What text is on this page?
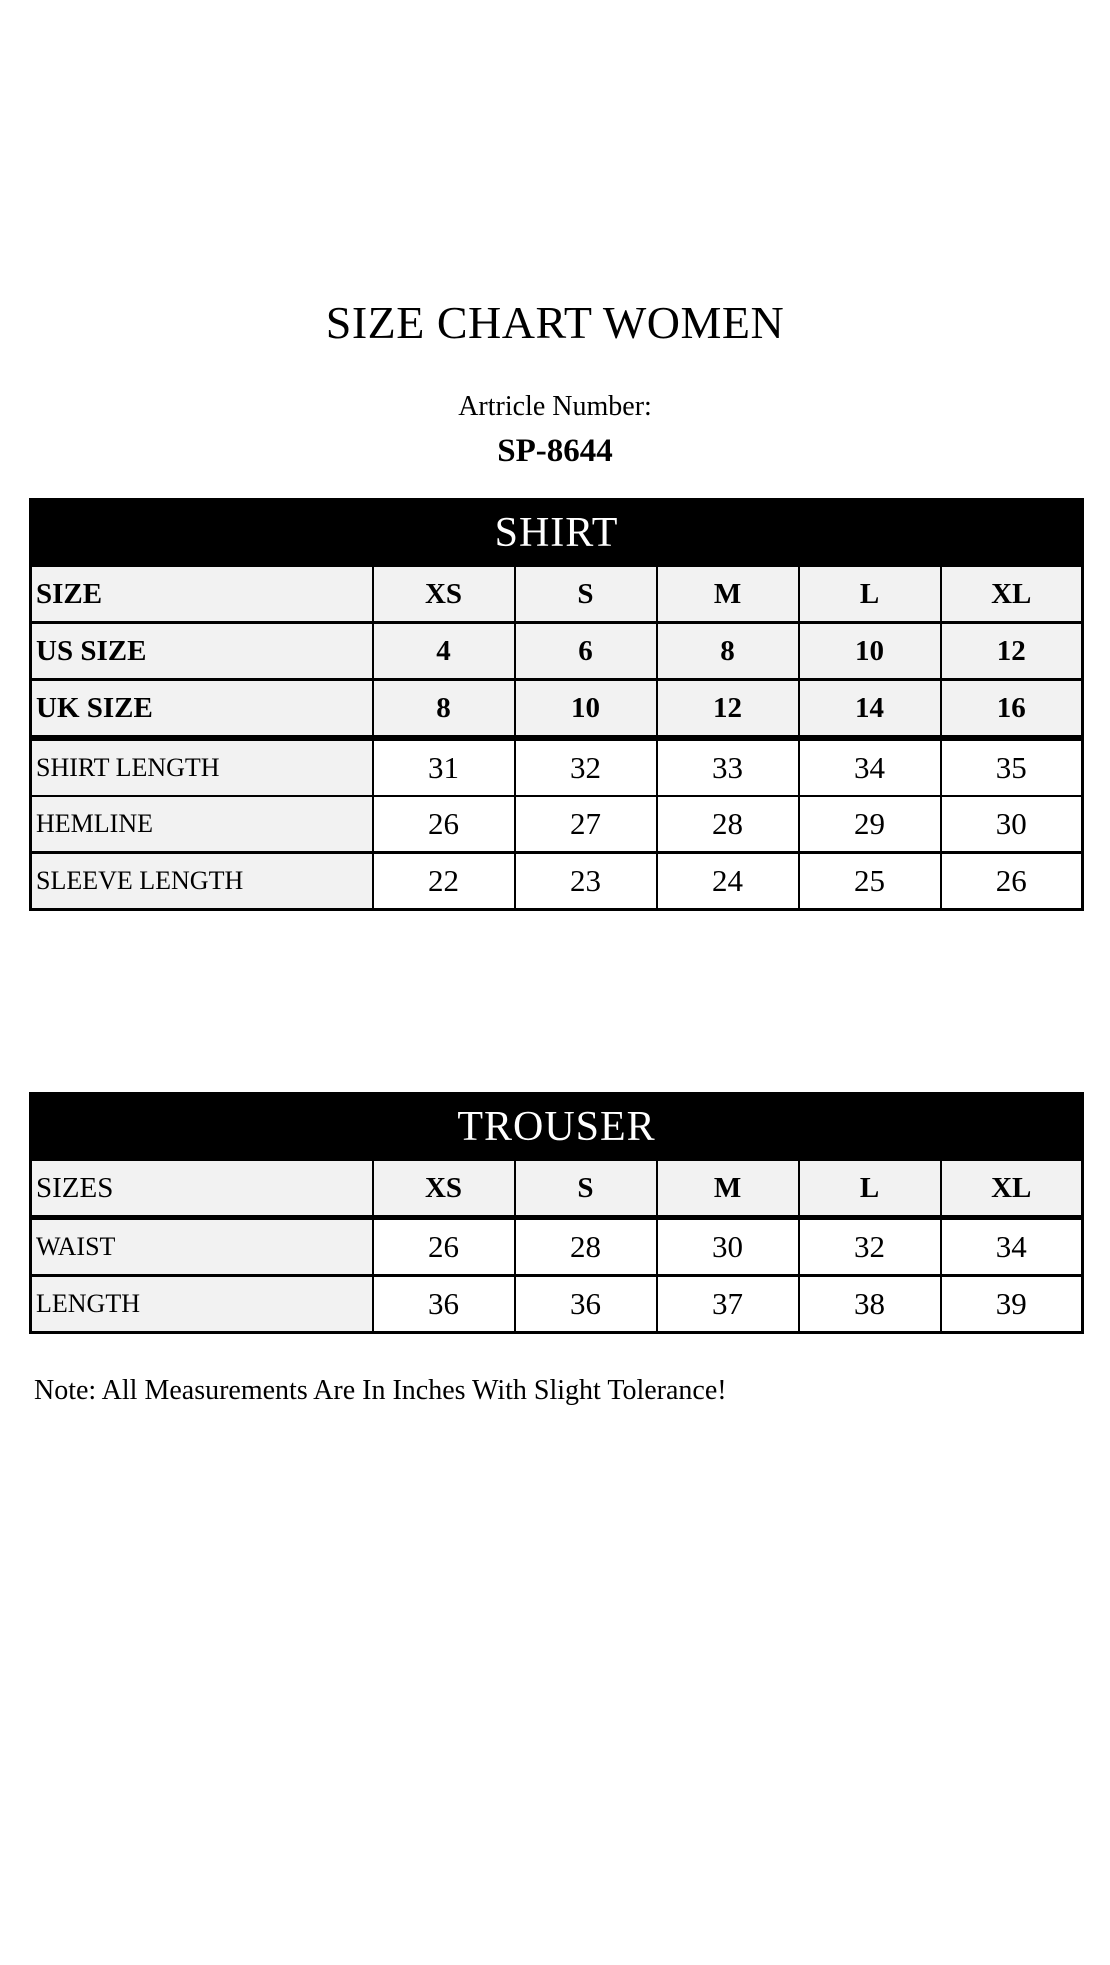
SIZE CHART WOMEN

Artricle Number:

SP-8644

SHIRT					
SIZE	XS	S	M	L	XL
US SIZE	4	6	8	10	12
UK SIZE	8	10	12	14	16
SHIRT LENGTH	31	32	33	34	35
HEMLINE	26	27	28	29	30
SLEEVE LENGTH	22	23	24	25	26
TROUSER					
SIZES	XS	S	M	L	XL
WAIST	26	28	30	32	34
LENGTH	36	36	37	38	39

Note: All Measurements Are In Inches With Slight Tolerance!
